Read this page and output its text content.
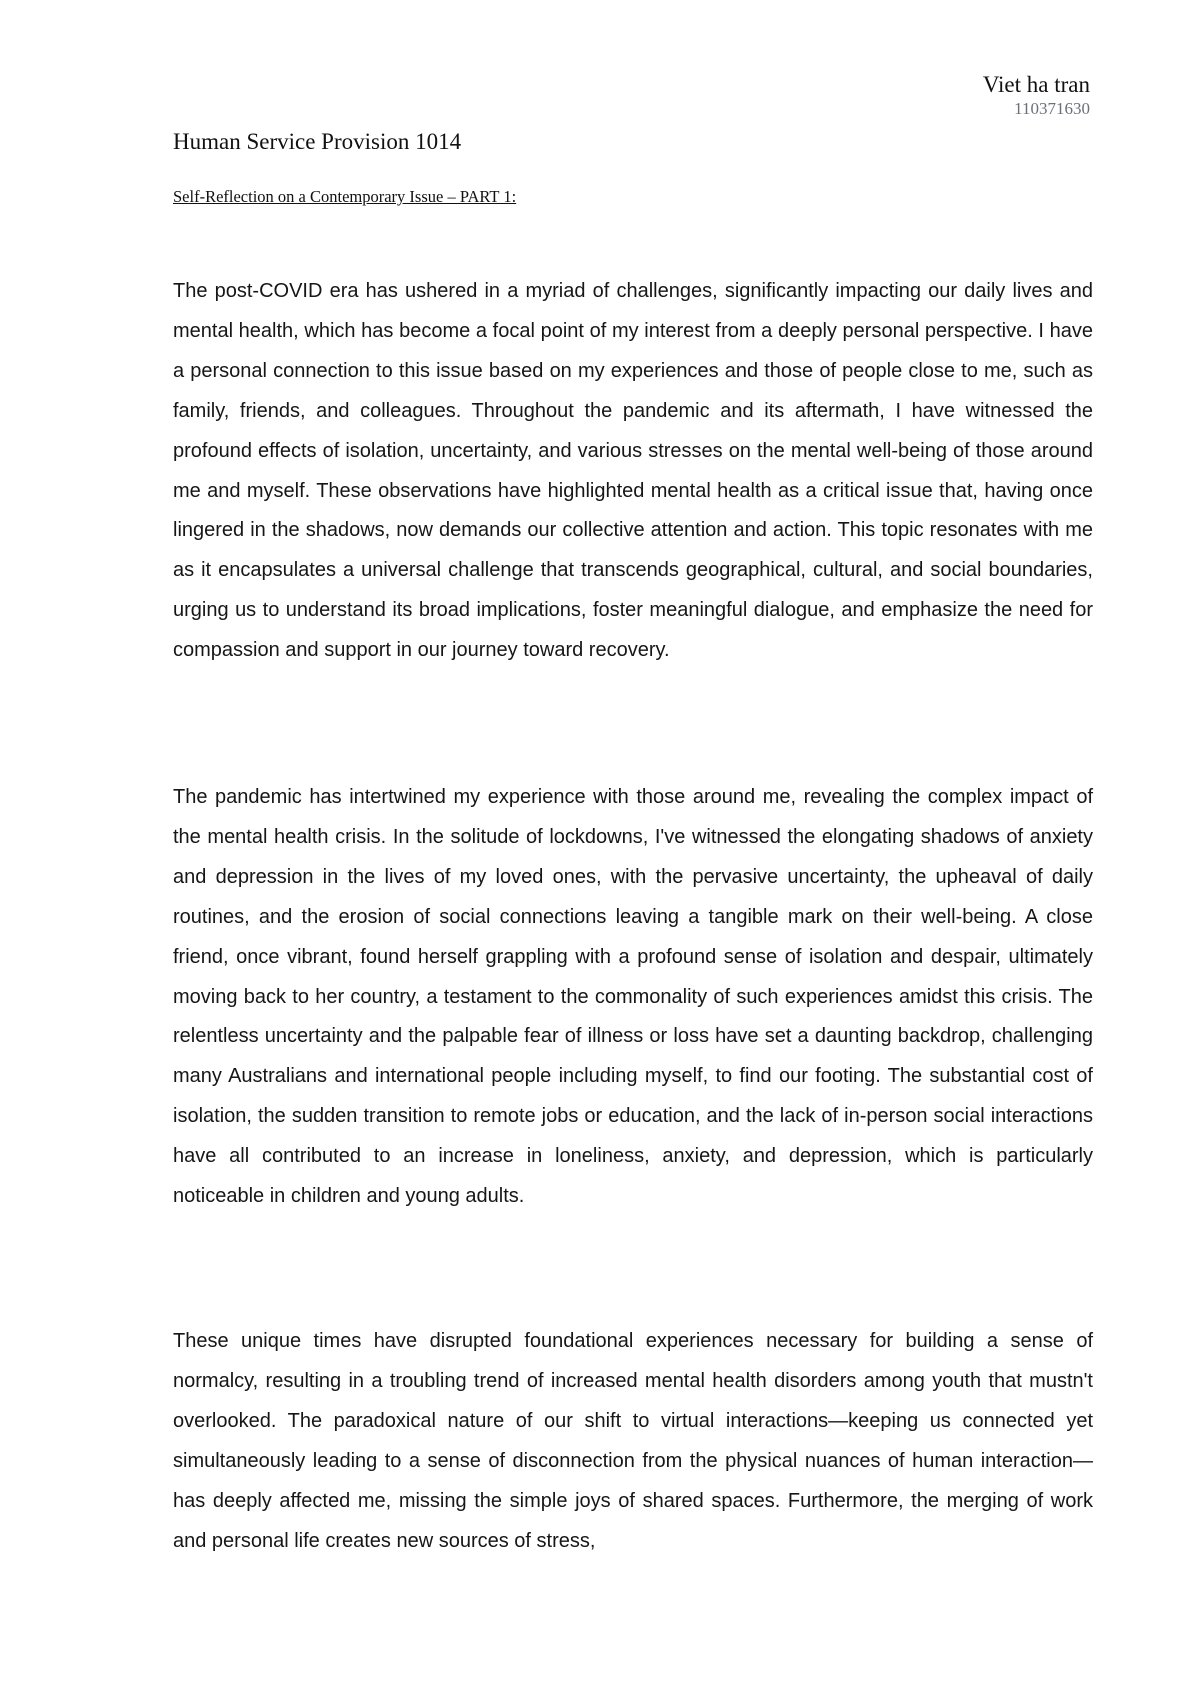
Viet ha tran
110371630
Human Service Provision 1014

Self-Reflection on a Contemporary Issue – PART 1:

The post-COVID era has ushered in a myriad of challenges, significantly impacting our daily lives and mental health, which has become a focal point of my interest from a deeply personal perspective. I have a personal connection to this issue based on my experiences and those of people close to me, such as family, friends, and colleagues. Throughout the pandemic and its aftermath, I have witnessed the profound effects of isolation, uncertainty, and various stresses on the mental well-being of those around me and myself. These observations have highlighted mental health as a critical issue that, having once lingered in the shadows, now demands our collective attention and action. This topic resonates with me as it encapsulates a universal challenge that transcends geographical, cultural, and social boundaries, urging us to understand its broad implications, foster meaningful dialogue, and emphasize the need for compassion and support in our journey toward recovery.

The pandemic has intertwined my experience with those around me, revealing the complex impact of the mental health crisis. In the solitude of lockdowns, I've witnessed the elongating shadows of anxiety and depression in the lives of my loved ones, with the pervasive uncertainty, the upheaval of daily routines, and the erosion of social connections leaving a tangible mark on their well-being. A close friend, once vibrant, found herself grappling with a profound sense of isolation and despair, ultimately moving back to her country, a testament to the commonality of such experiences amidst this crisis. The relentless uncertainty and the palpable fear of illness or loss have set a daunting backdrop, challenging many Australians and international people including myself, to find our footing. The substantial cost of isolation, the sudden transition to remote jobs or education, and the lack of in-person social interactions have all contributed to an increase in loneliness, anxiety, and depression, which is particularly noticeable in children and young adults.

These unique times have disrupted foundational experiences necessary for building a sense of normalcy, resulting in a troubling trend of increased mental health disorders among youth that mustn't overlooked. The paradoxical nature of our shift to virtual interactions—keeping us connected yet simultaneously leading to a sense of disconnection from the physical nuances of human interaction—has deeply affected me, missing the simple joys of shared spaces. Furthermore, the merging of work and personal life creates new sources of stress,
